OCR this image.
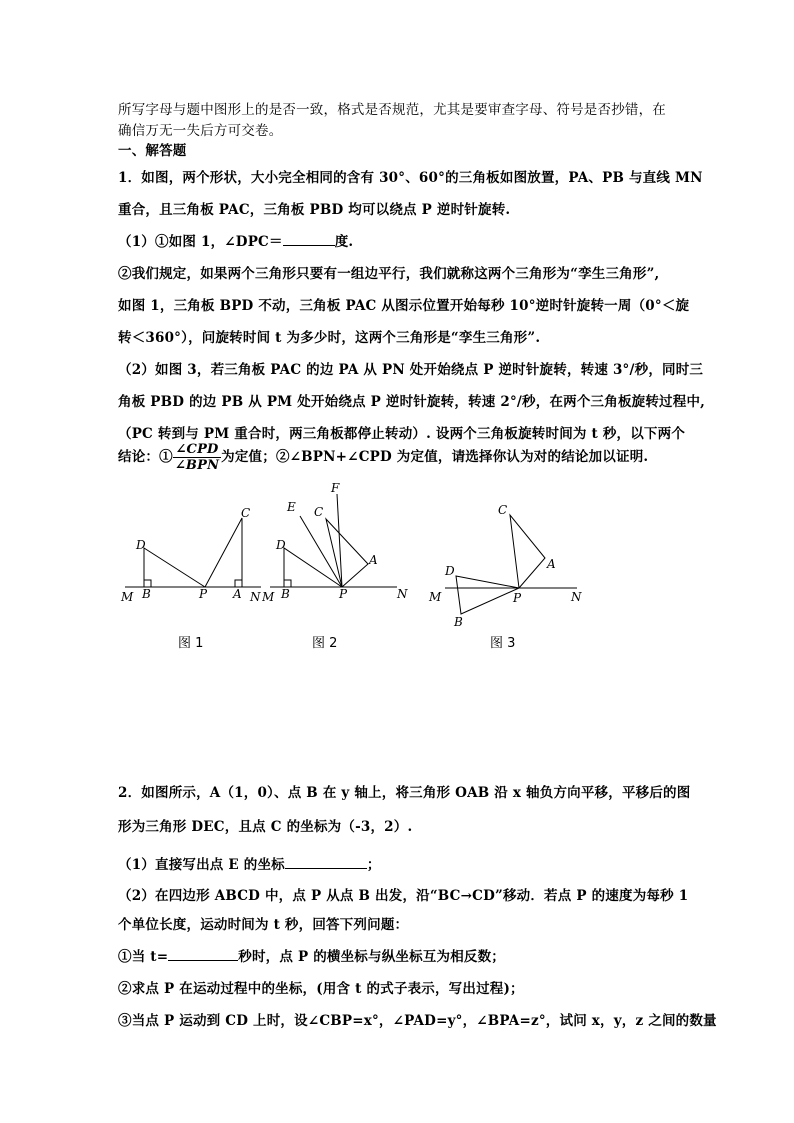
所写字母与题中图形上的是否一致，格式是否规范，尤其是要审查字母、符号是否抄错，在
确信万无一失后方可交卷。
一、解答题
1．如图，两个形状，大小完全相同的含有 30°、60°的三角板如图放置，PA、PB 与直线 MN
重合，且三角板 PAC，三角板 PBD 均可以绕点 P 逆时针旋转.
（1）①如图 1，∠DPC＝	度.
②我们规定，如果两个三角形只要有一组边平行，我们就称这两个三角形为“孪生三角形”,
如图 1，三角板 BPD 不动，三角板 PAC 从图示位置开始每秒 10°逆时针旋转一周（0°＜旋
转＜360°），问旋转时间 t 为多少时，这两个三角形是“孪生三角形”.
（2）如图 3，若三角板 PAC 的边 PA 从 PN 处开始绕点 P 逆时针旋转，转速 3°/秒，同时三
角板 PBD 的边 PB 从 PM 处开始绕点 P 逆时针旋转，转速 2°/秒，在两个三角板旋转过程中,
（PC 转到与 PM 重合时，两三角板都停止转动）. 设两个三角板旋转时间为 t 秒，以下两个
结论：① $\frac{\text{∠CPD}}{\text{∠BPN}}$ 为定值；②∠BPN+∠CPD 为定值，请选择你认为对的结论加以证明.
D
C
M B	P A N
E
F
C
D
A
M B	P	N
C
D	A
M	P	N
B
图 1	图 2	图 3
2．如图所示，A（1，0）、点 B 在 y 轴上，将三角形 OAB 沿 x 轴负方向平移，平移后的图
形为三角形 DEC，且点 C 的坐标为（-3，2）.
（1）直接写出点 E 的坐标	；
（2）在四边形 ABCD 中，点 P 从点 B 出发，沿“BC→CD”移动．若点 P 的速度为每秒 1
个单位长度，运动时间为 t 秒，回答下列问题：
①当 t=	秒时，点 P 的横坐标与纵坐标互为相反数；
②求点 P 在运动过程中的坐标，(用含 t 的式子表示，写出过程)；
③当点 P 运动到 CD 上时，设∠CBP=x°，∠PAD=y°，∠BPA=z°，试问 x，y，z 之间的数量
